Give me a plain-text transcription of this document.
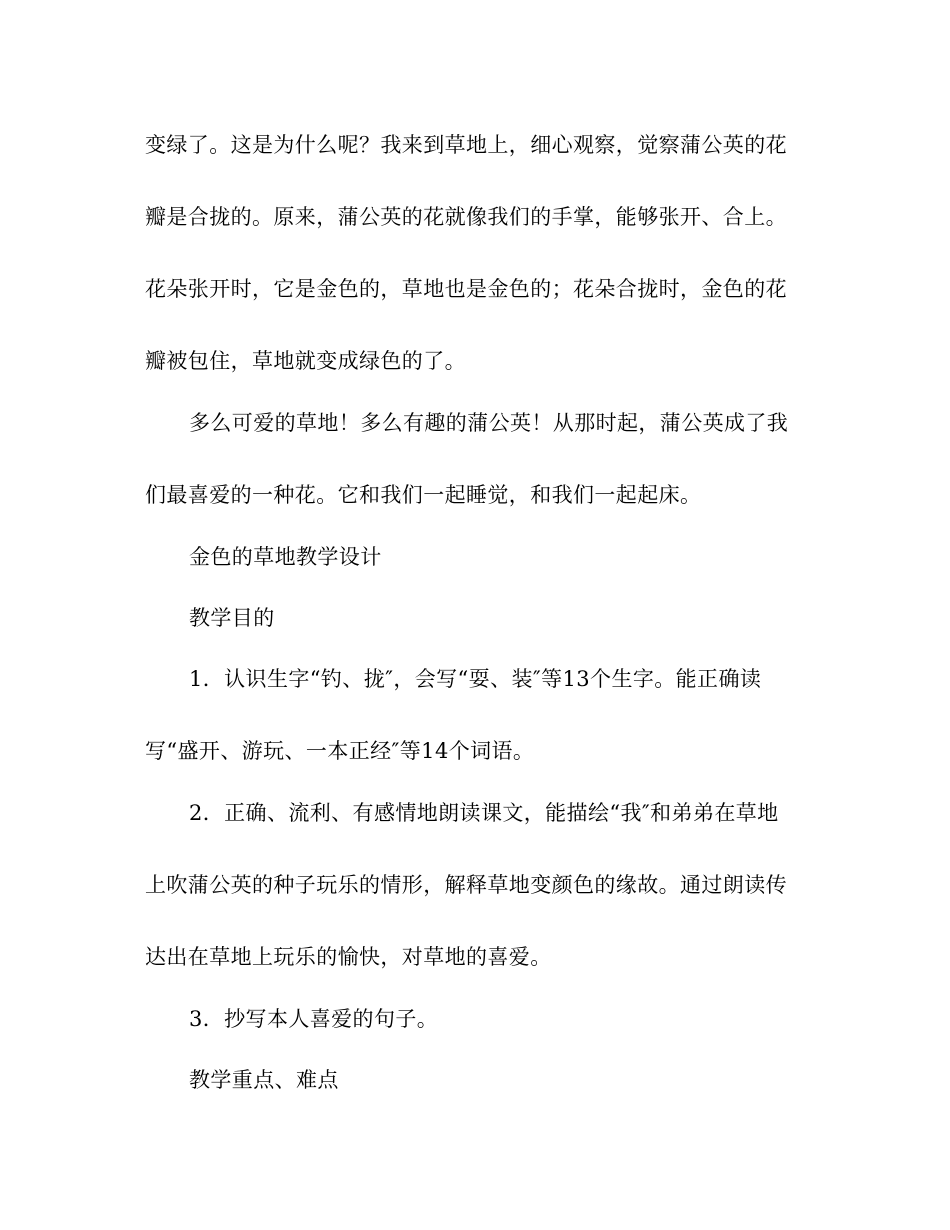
变绿了。这是为什么呢？我来到草地上，细心观察，觉察蒲公英的花
瓣是合拢的。原来，蒲公英的花就像我们的手掌，能够张开、合上。
花朵张开时，它是金色的，草地也是金色的；花朵合拢时，金色的花
瓣被包住，草地就变成绿色的了。
多么可爱的草地！多么有趣的蒲公英！从那时起，蒲公英成了我
们最喜爱的一种花。它和我们一起睡觉，和我们一起起床。
金色的草地教学设计
教学目的
1．认识生字“钓、拢″，会写“耍、装″等13个生字。能正确读
写“盛开、游玩、一本正经″等14个词语。
2．正确、流利、有感情地朗读课文，能描绘“我″和弟弟在草地
上吹蒲公英的种子玩乐的情形，解释草地变颜色的缘故。通过朗读传
达出在草地上玩乐的愉快，对草地的喜爱。
3．抄写本人喜爱的句子。
教学重点、难点
